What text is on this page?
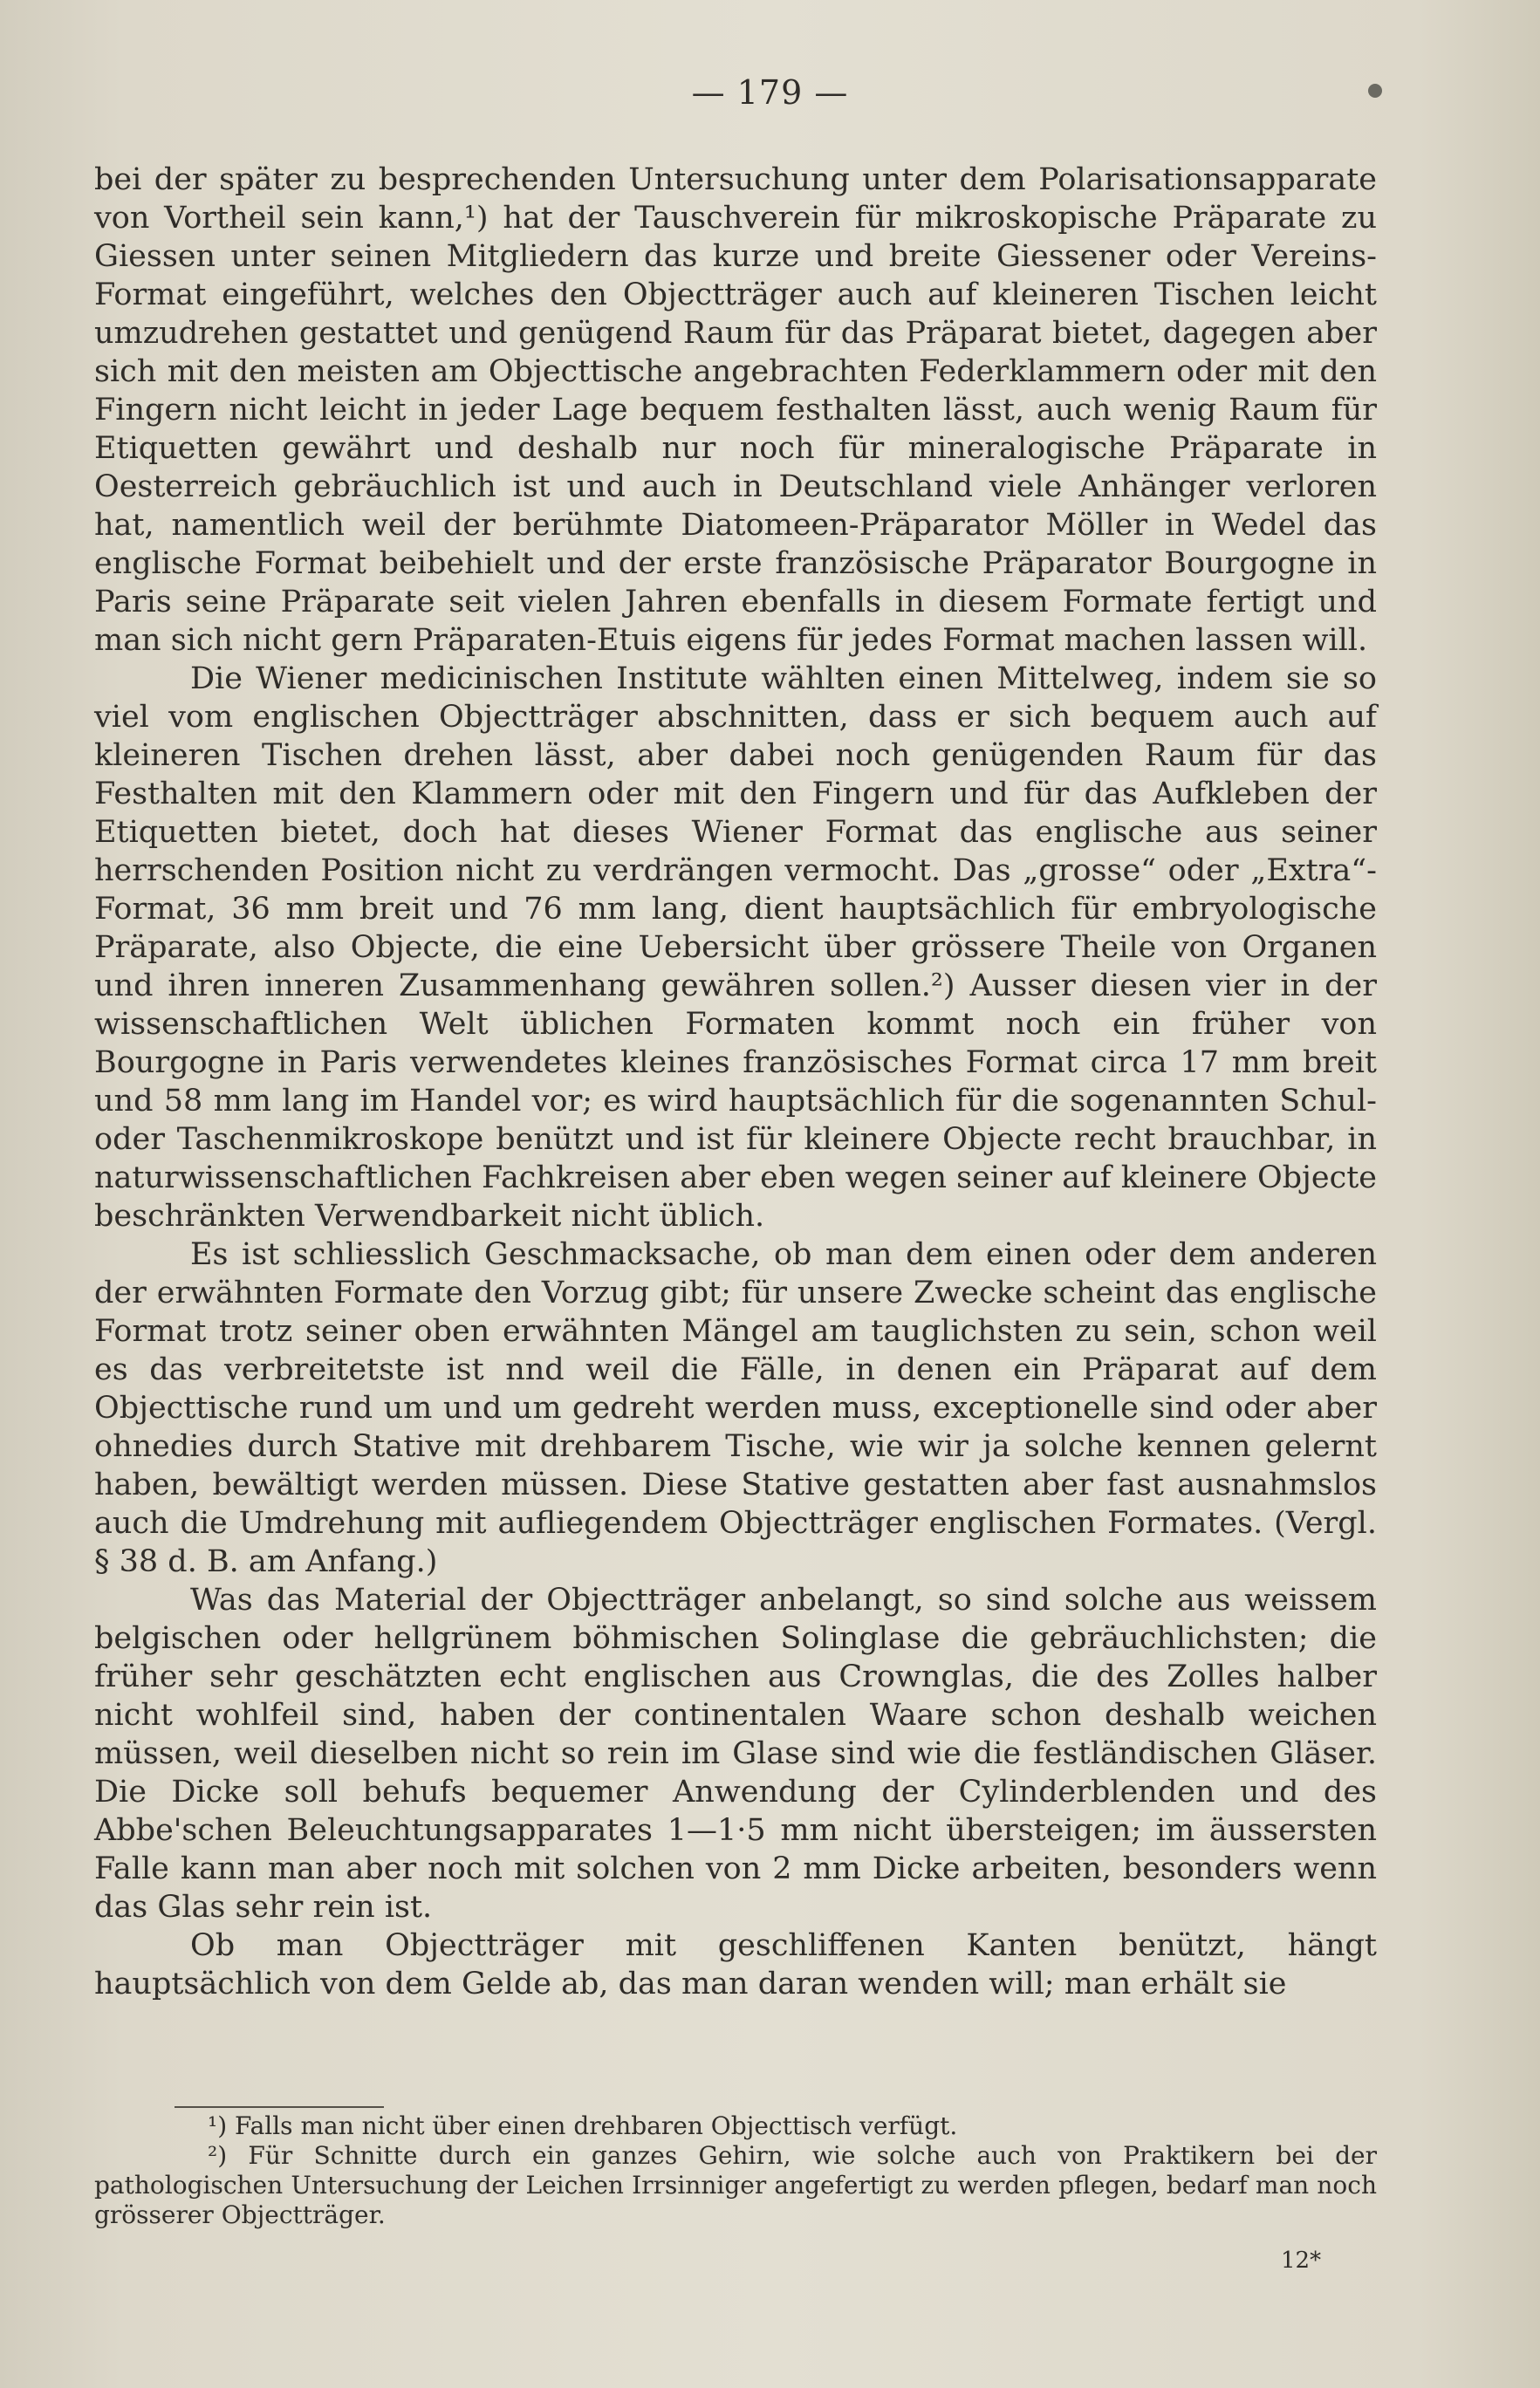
— 179 —

bei der später zu besprechenden Untersuchung unter dem Polarisationsapparate von Vortheil sein kann,¹) hat der Tauschverein für mikroskopische Präparate zu Giessen unter seinen Mitgliedern das kurze und breite Giessener oder Vereins-Format eingeführt, welches den Objectträger auch auf kleineren Tischen leicht umzudrehen gestattet und genügend Raum für das Präparat bietet, dagegen aber sich mit den meisten am Objecttische angebrachten Federklammern oder mit den Fingern nicht leicht in jeder Lage bequem festhalten lässt, auch wenig Raum für Etiquetten gewährt und deshalb nur noch für mineralogische Präparate in Oesterreich gebräuchlich ist und auch in Deutschland viele Anhänger verloren hat, namentlich weil der berühmte Diatomeen-Präparator Möller in Wedel das englische Format beibehielt und der erste französische Präparator Bourgogne in Paris seine Präparate seit vielen Jahren ebenfalls in diesem Formate fertigt und man sich nicht gern Präparaten-Etuis eigens für jedes Format machen lassen will.

Die Wiener medicinischen Institute wählten einen Mittelweg, indem sie so viel vom englischen Objectträger abschnitten, dass er sich bequem auch auf kleineren Tischen drehen lässt, aber dabei noch genügenden Raum für das Festhalten mit den Klammern oder mit den Fingern und für das Aufkleben der Etiquetten bietet, doch hat dieses Wiener Format das englische aus seiner herrschenden Position nicht zu verdrängen vermocht. Das „grosse“ oder „Extra“-Format, 36 mm breit und 76 mm lang, dient hauptsächlich für embryologische Präparate, also Objecte, die eine Uebersicht über grössere Theile von Organen und ihren inneren Zusammenhang gewähren sollen.²) Ausser diesen vier in der wissenschaftlichen Welt üblichen Formaten kommt noch ein früher von Bourgogne in Paris verwendetes kleines französisches Format circa 17 mm breit und 58 mm lang im Handel vor; es wird hauptsächlich für die sogenannten Schul- oder Taschenmikroskope benützt und ist für kleinere Objecte recht brauchbar, in naturwissenschaftlichen Fachkreisen aber eben wegen seiner auf kleinere Objecte beschränkten Verwendbarkeit nicht üblich.

Es ist schliesslich Geschmacksache, ob man dem einen oder dem anderen der erwähnten Formate den Vorzug gibt; für unsere Zwecke scheint das englische Format trotz seiner oben erwähnten Mängel am tauglichsten zu sein, schon weil es das verbreitetste ist nnd weil die Fälle, in denen ein Präparat auf dem Objecttische rund um und um gedreht werden muss, exceptionelle sind oder aber ohnedies durch Stative mit drehbarem Tische, wie wir ja solche kennen gelernt haben, bewältigt werden müssen. Diese Stative gestatten aber fast ausnahmslos auch die Umdrehung mit aufliegendem Objectträger englischen Formates. (Vergl. § 38 d. B. am Anfang.)

Was das Material der Objectträger anbelangt, so sind solche aus weissem belgischen oder hellgrünem böhmischen Solinglase die gebräuchlichsten; die früher sehr geschätzten echt englischen aus Crownglas, die des Zolles halber nicht wohlfeil sind, haben der continentalen Waare schon deshalb weichen müssen, weil dieselben nicht so rein im Glase sind wie die festländischen Gläser. Die Dicke soll behufs bequemer Anwendung der Cylinderblenden und des Abbe'schen Beleuchtungsapparates 1—1·5 mm nicht übersteigen; im äussersten Falle kann man aber noch mit solchen von 2 mm Dicke arbeiten, besonders wenn das Glas sehr rein ist.

Ob man Objectträger mit geschliffenen Kanten benützt, hängt hauptsächlich von dem Gelde ab, das man daran wenden will; man erhält sie

¹) Falls man nicht über einen drehbaren Objecttisch verfügt.

²) Für Schnitte durch ein ganzes Gehirn, wie solche auch von Praktikern bei der pathologischen Untersuchung der Leichen Irrsinniger angefertigt zu werden pflegen, bedarf man noch grösserer Objectträger.

12*
